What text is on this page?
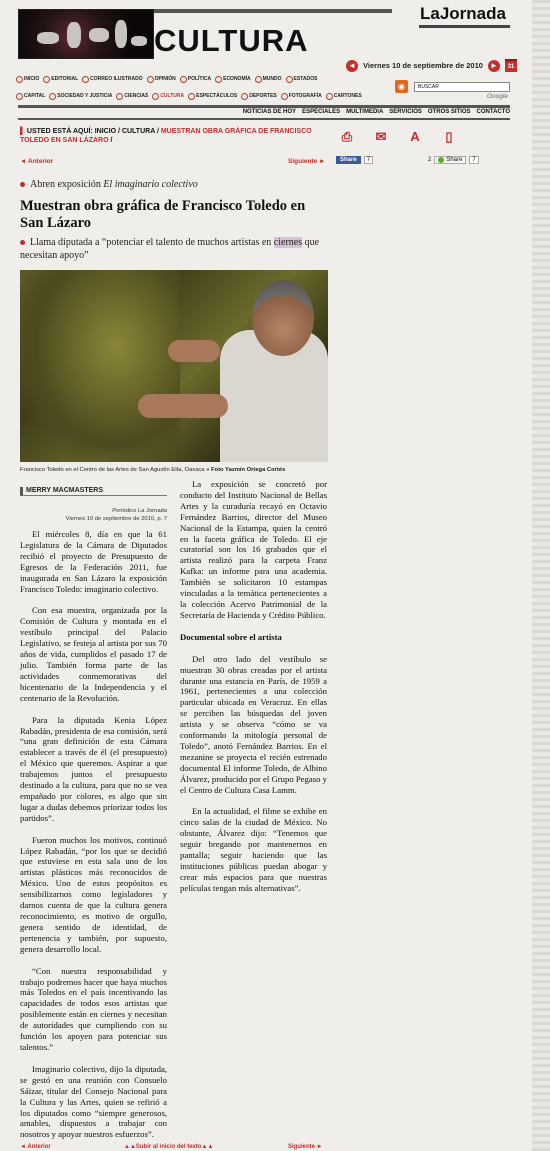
CULTURA
LaJornada
◄ Viernes 10 de septiembre de 2010 ►	31
INICIO EDITORIAL CORREO ILUSTRADO OPINIÓN POLÍTICA ECONOMÍA MUNDO ESTADOS
CAPITAL SOCIEDAD Y JUSTICIA CIENCIAS CULTURA ESPECTÁCULOS DEPORTES FOTOGRAFÍA CARTONES
◉	BUSCAR
Google
NOTICIAS DE HOY ESPECIALES MULTIMEDIA SERVICIOS OTROS SITIOS CONTACTO
▌ USTED ESTÁ AQUÍ: INICIO / CULTURA / MUESTRAN OBRA GRÁFICA DE FRANCISCO TOLEDO EN SAN LÁZARO /	⎙ ✉ A ▯
◄ Anterior	Siguiente ►	Share	7	2	Share	7
Abren exposición El imaginario colectivo
Muestran obra gráfica de Francisco Toledo en San Lázaro
Llama diputada a “potenciar el talento de muchos artistas en ciernes que necesitan apoyo”
Francisco Toledo en el Centro de las Artes de San Agustín Etla, Oaxaca » Foto Yazmín Ortega Cortés
MERRY MACMASTERS
Periódico La Jornada
Viernes 10 de septiembre de 2010, p. 7

El miércoles 8, día en que la 61 Legislatura de la Cámara de Diputados recibió el proyecto de Presupuesto de Egresos de la Federación 2011, fue inaugurada en San Lázaro la exposición Francisco Toledo: imaginario colectivo.

Con esa muestra, organizada por la Comisión de Cultura y montada en el vestíbulo principal del Palacio Legislativo, se festeja al artista por sus 70 años de vida, cumplidos el pasado 17 de julio. También forma parte de las actividades conmemorativas del bicentenario de la Independencia y el centenario de la Revolución.

Para la diputada Kenia López Rabadán, presidenta de esa comisión, será “una gran definición de esta Cámara establecer a través de él (el presupuesto) el México que queremos. Aspirar a que trabajemos juntos el presupuesto destinado a la cultura, para que no se vea empañado por colores, es algo que sin lugar a dudas debemos priorizar todos los partidos”.

Fueron muchos los motivos, continuó López Rabadán, “por los que se decidió que estuviese en esta sala uno de los artistas plásticos más reconocidos de México. Uno de estos propósitos es sensibilizarnos como legisladores y darnos cuenta de que la cultura genera reconocimiento, es motivo de orgullo, genera sentido de identidad, de pertenencia y también, por supuesto, genera desarrollo local.

“Con nuestra responsabilidad y trabajo podremos hacer que haya muchos más Toledos en el país incentivando las capacidades de todos esos artistas que posiblemente están en ciernes y necesitan de autoridades que cumpliendo con su función los apoyen para potenciar sus talentos.”

Imaginario colectivo, dijo la diputada, se gestó en una reunión con Consuelo Sáizar, titular del Consejo Nacional para la Cultura y las Artes, quien se refirió a los diputados como “siempre generosos, amables, dispuestos a trabajar con nosotros y apoyar nuestros esfuerzos”.

La exposición se concretó por conducto del Instituto Nacional de Bellas Artes y la curaduría recayó en Octavio Fernández Barrios, director del Museo Nacional de la Estampa, quien la centró en la faceta gráfica de Toledo. El eje curatorial son los 16 grabados que el artista realizó para la carpeta Franz Kafka: un informe para una academia. También se solicitaron 10 estampas vinculadas a la temática pertenecientes a la colección Acervo Patrimonial de la Secretaría de Hacienda y Crédito Público.

Documental sobre el artista

Del otro lado del vestíbulo se muestran 30 obras creadas por el artista durante una estancia en París, de 1959 a 1961, pertenecientes a una colección particular ubicada en Veracruz. En ellas se perciben las búsquedas del joven artista y se observa “cómo se va conformando la mitología personal de Toledo”, anotó Fernández Barrios. En el mezanine se proyecta el recién estrenado documental El informe Toledo, de Albino Álvarez, producido por el Grupo Pegaso y el Centro de Cultura Casa Lamm.

En la actualidad, el filme se exhibe en cinco salas de la ciudad de México. No obstante, Álvarez dijo: “Tenemos que seguir bregando por mantenernos en pantalla; seguir haciendo que las instituciones públicas puedan abogar y crear más espacios para que nuestras películas tengan más alternativas”.

◄ Anterior	▲▲Subir al inicio del texto▲▲	Siguiente ►
